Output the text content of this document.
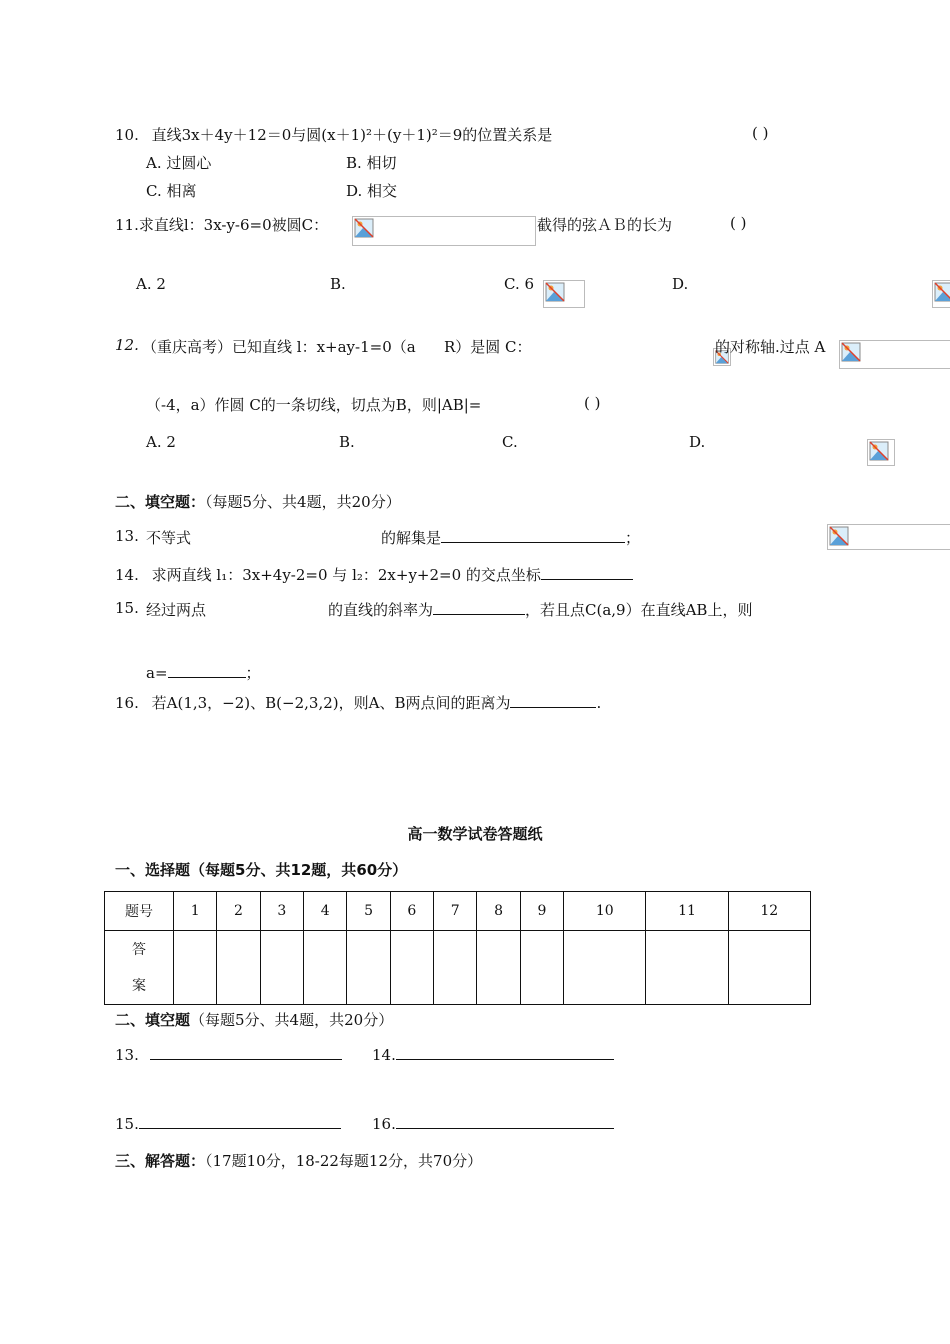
10. 直线3x＋4y＋12＝0与圆(x＋1)²＋(y＋1)²＝9的位置关系是	( )
A. 过圆心	B. 相切
C. 相离	D. 相交
11.求直线l：3x-y-6=0被圆C：
	截得的弦ＡＢ的长为	( )
A. 2	B.
	C. 6	D.

12. （重庆高考）已知直线 l：x+ay-1=0（a
R）是圆 C：
	的对称轴.过点 A
（-4，a）作圆 C的一条切线，切点为B，则|AB|=	( )
A. 2	B.
	C.
	D.

二、填空题：（每题5分、共4题，共20分）
13. 不等式
	的解集是	；
14. 求两直线 l₁：3x+4y-2=0 与 l₂：2x+y+2=0 的交点坐标
15. 经过两点	的直线的斜率为	，若且点C(a,9）在直线AB上，则
a=	；
16. 若A(1,3，−2)、B(−2,3,2)，则A、B两点间的距离为	.
高一数学试卷答题纸
一、选择题（每题5分、共12题，共60分）
题号	1	2	3	4	5	6	7	8	9	10	11	12

答
案												

二、填空题（每题5分、共4题，共20分）
13.	14.
15.	16.
三、解答题：（17题10分，18-22每题12分，共70分）
